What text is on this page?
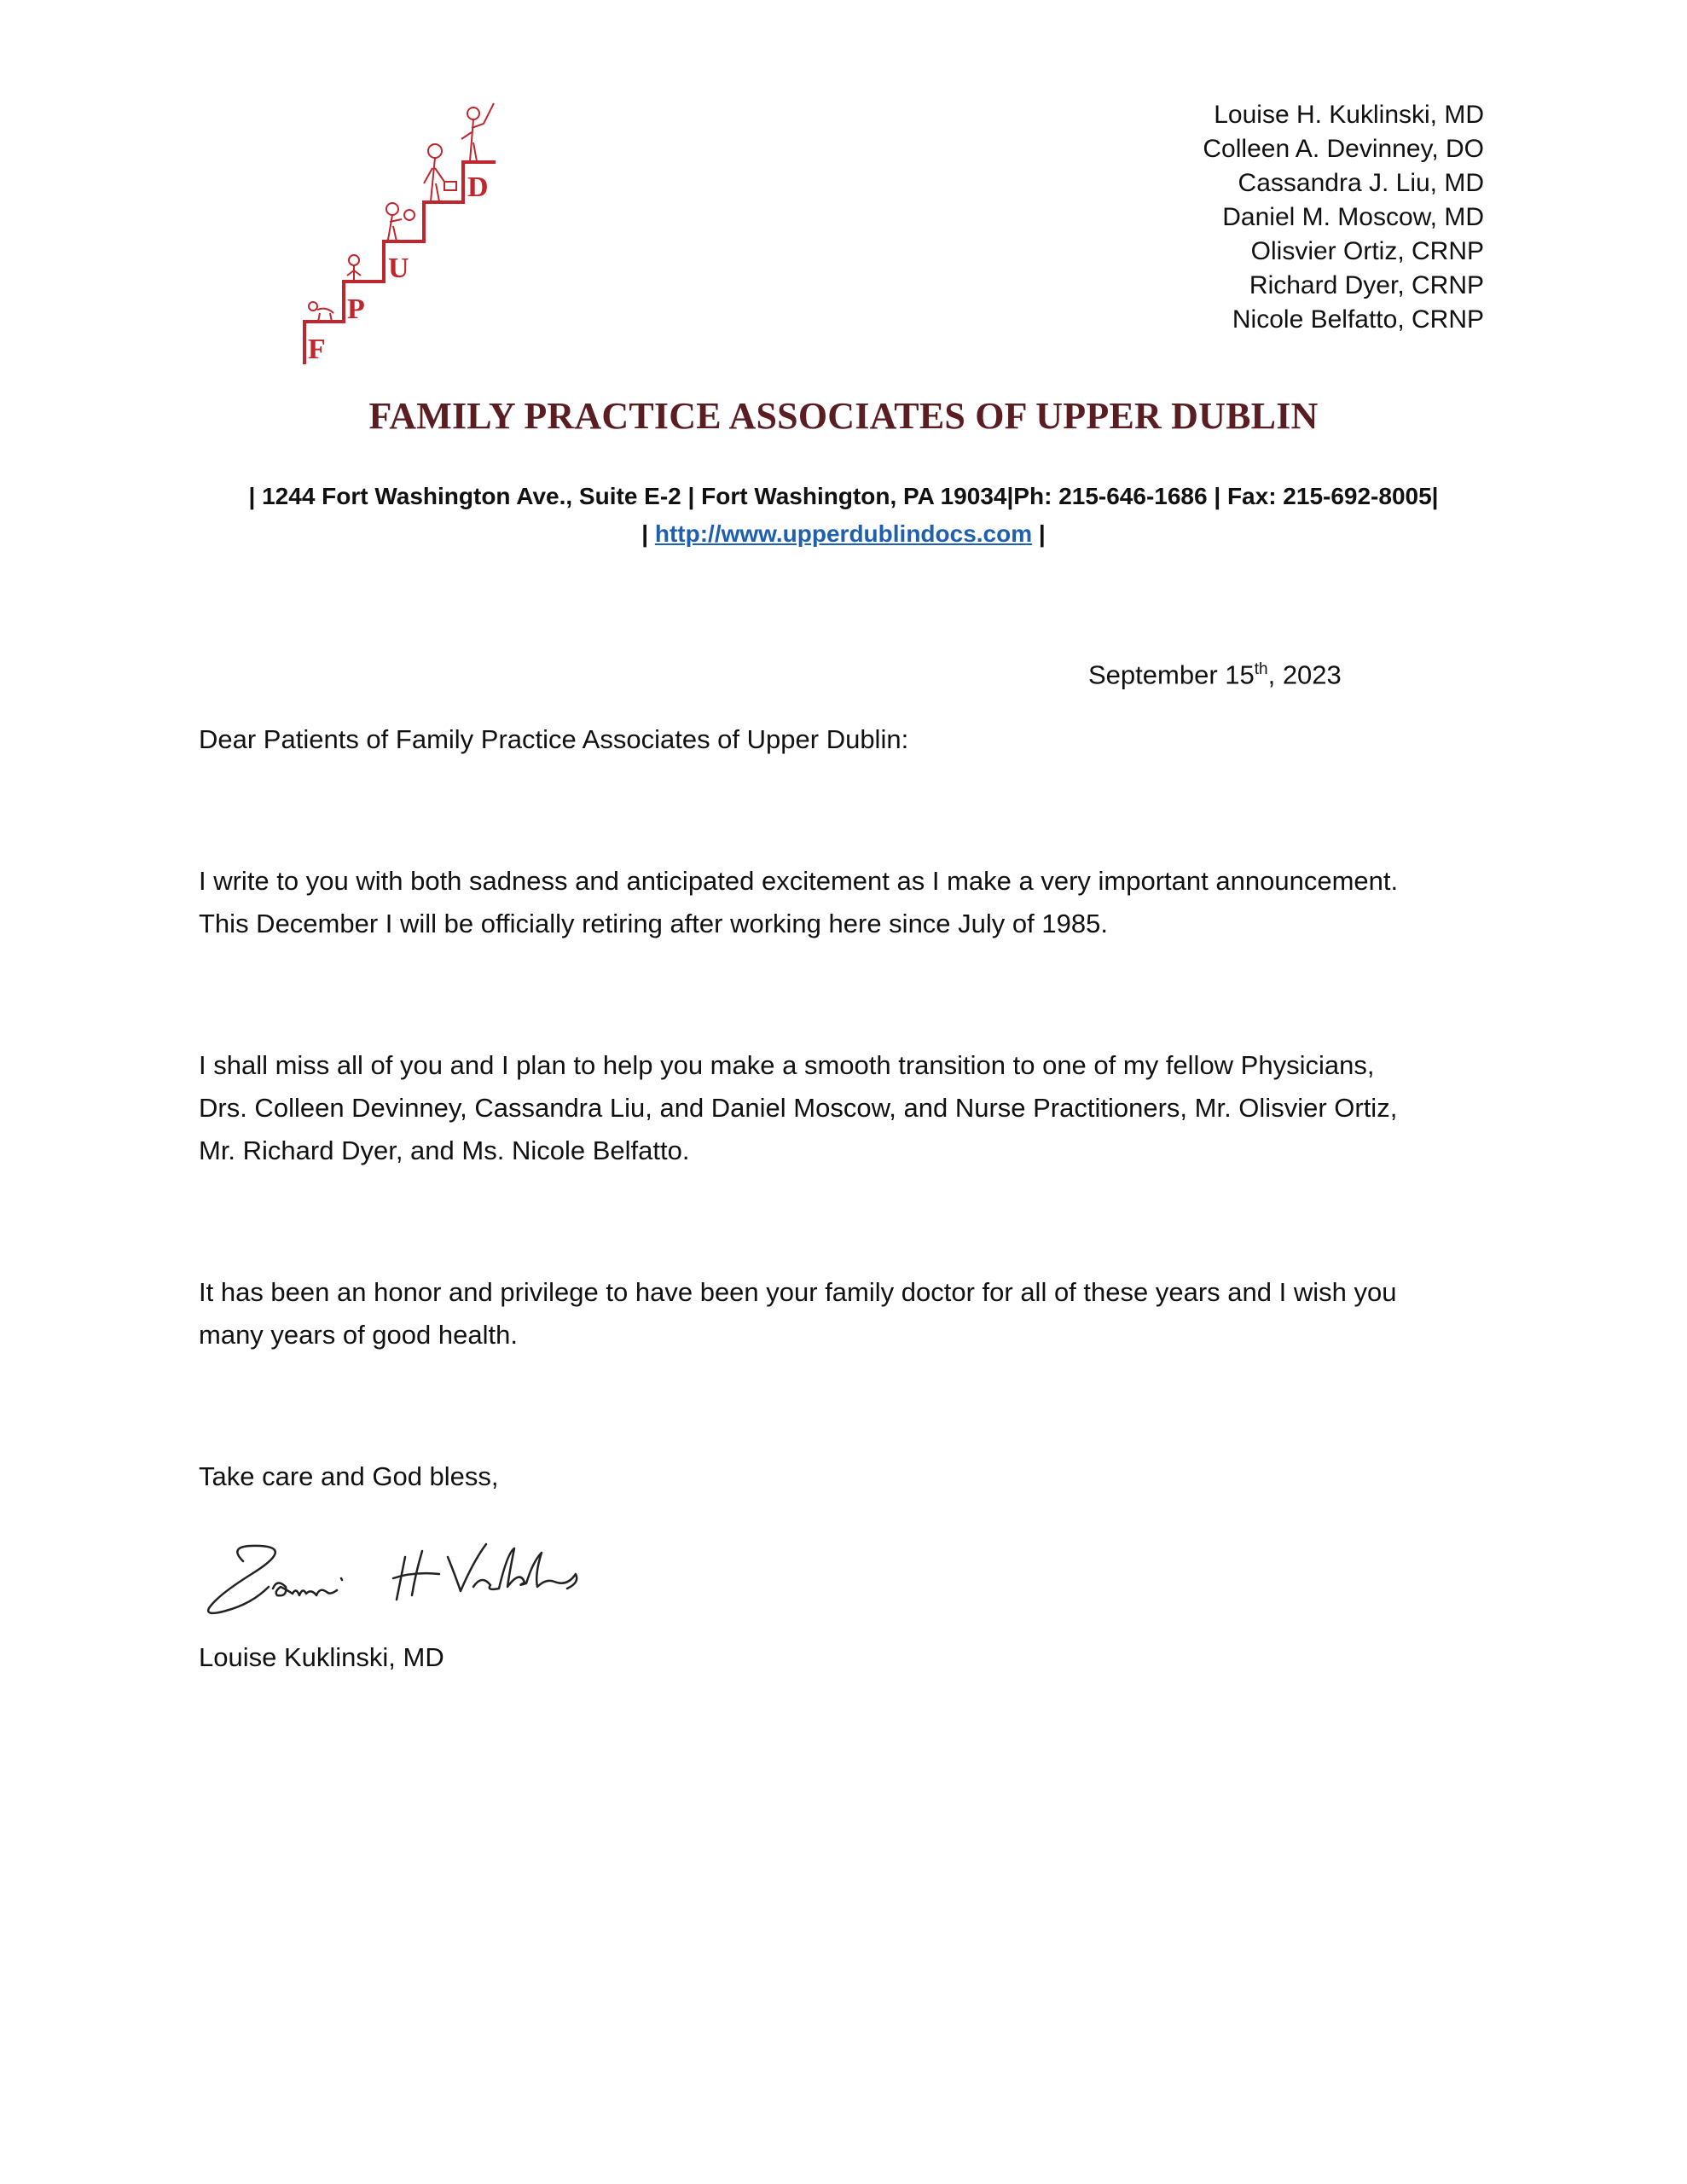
F
P
U
D
Louise H. Kuklinski, MD
Colleen A. Devinney, DO
Cassandra J. Liu, MD
Daniel M. Moscow, MD
Olisvier Ortiz, CRNP
Richard Dyer, CRNP
Nicole Belfatto, CRNP
FAMILY PRACTICE ASSOCIATES OF UPPER DUBLIN
| 1244 Fort Washington Ave., Suite E-2 | Fort Washington, PA 19034|Ph: 215-646-1686 | Fax: 215-692-8005|
| http://www.upperdublindocs.com |
September 15th, 2023

Dear Patients of Family Practice Associates of Upper Dublin:

I write to you with both sadness and anticipated excitement as I make a very important announcement.

This December I will be officially retiring after working here since July of 1985.

I shall miss all of you and I plan to help you make a smooth transition to one of my fellow Physicians,

Drs. Colleen Devinney, Cassandra Liu, and Daniel Moscow, and Nurse Practitioners, Mr. Olisvier Ortiz,

Mr. Richard Dyer, and Ms. Nicole Belfatto.

It has been an honor and privilege to have been your family doctor for all of these years and I wish you

many years of good health.

Take care and God bless,

Louise Kuklinski, MD
